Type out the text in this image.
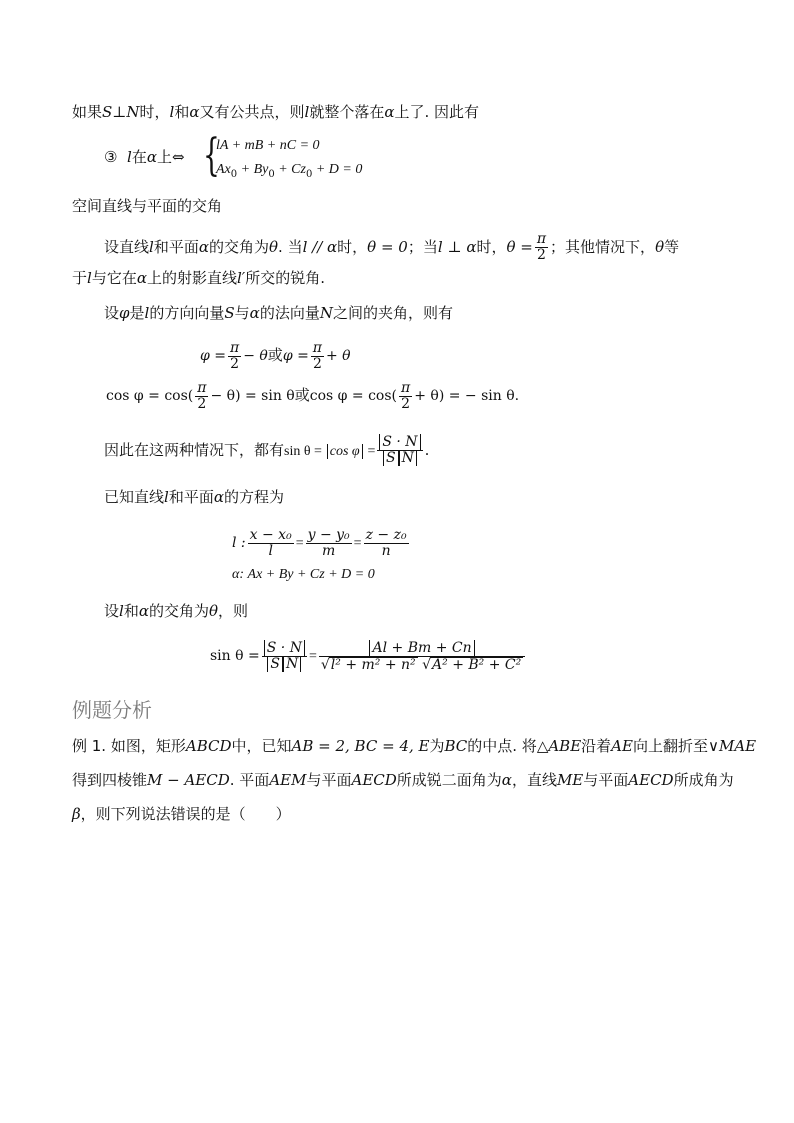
如果S⊥N时，l和α又有公共点，则l就整个落在α上了. 因此有
③ l在α上⇔ {
lA + mB + nC = 0
$Ax_0 + By_0 + Cz_0 + D = 0$
空间直线与平面的交角
设直线l和平面α的交角为θ. 当l // α时，θ = 0；当l ⊥ α时，$\theta = \frac{\pi}{2}$ ；其他情况下，θ等
于l与它在α上的射影直线l′所交的锐角.
设φ是l的方向向量S与α的法向量N之间的夹角，则有
$\varphi = \frac{\pi}{2} - \theta$或$\varphi = \frac{\pi}{2} + \theta$
$\cos \varphi = \cos( \frac{\pi}{2} - \theta) = \sin \theta$或$\cos \varphi = \cos( \frac{\pi}{2} + \theta)$ = − sin θ.
因此在这两种情况下，都有$\sin \theta = \cos \varphi = \frac{S \cdot N}{\text{S N}}$ .
已知直线l和平面α的方程为
l : $\frac{\text{x − x₀}}{l} = \frac{\text{y − y₀}}{m} = \frac{\text{z − z₀}}{n}$
α: Ax + By + Cz + D = 0
设l和α的交角为θ，则
$\sin \theta = \frac{S \cdot N}{\text{S N}} = \frac{Al + Bm + Cn}{\text{√l² + m² + n² √A² + B² + C²}}$
例题分析
例 1. 如图，矩形ABCD中，已知AB = 2, BC = 4, E为BC的中点. 将△ABE沿着AE向上翻折至∨MAE
得到四棱锥M − AECD. 平面AEM与平面AECD所成锐二面角为α，直线ME与平面AECD所成角为
β，则下列说法错误的是（　　）
